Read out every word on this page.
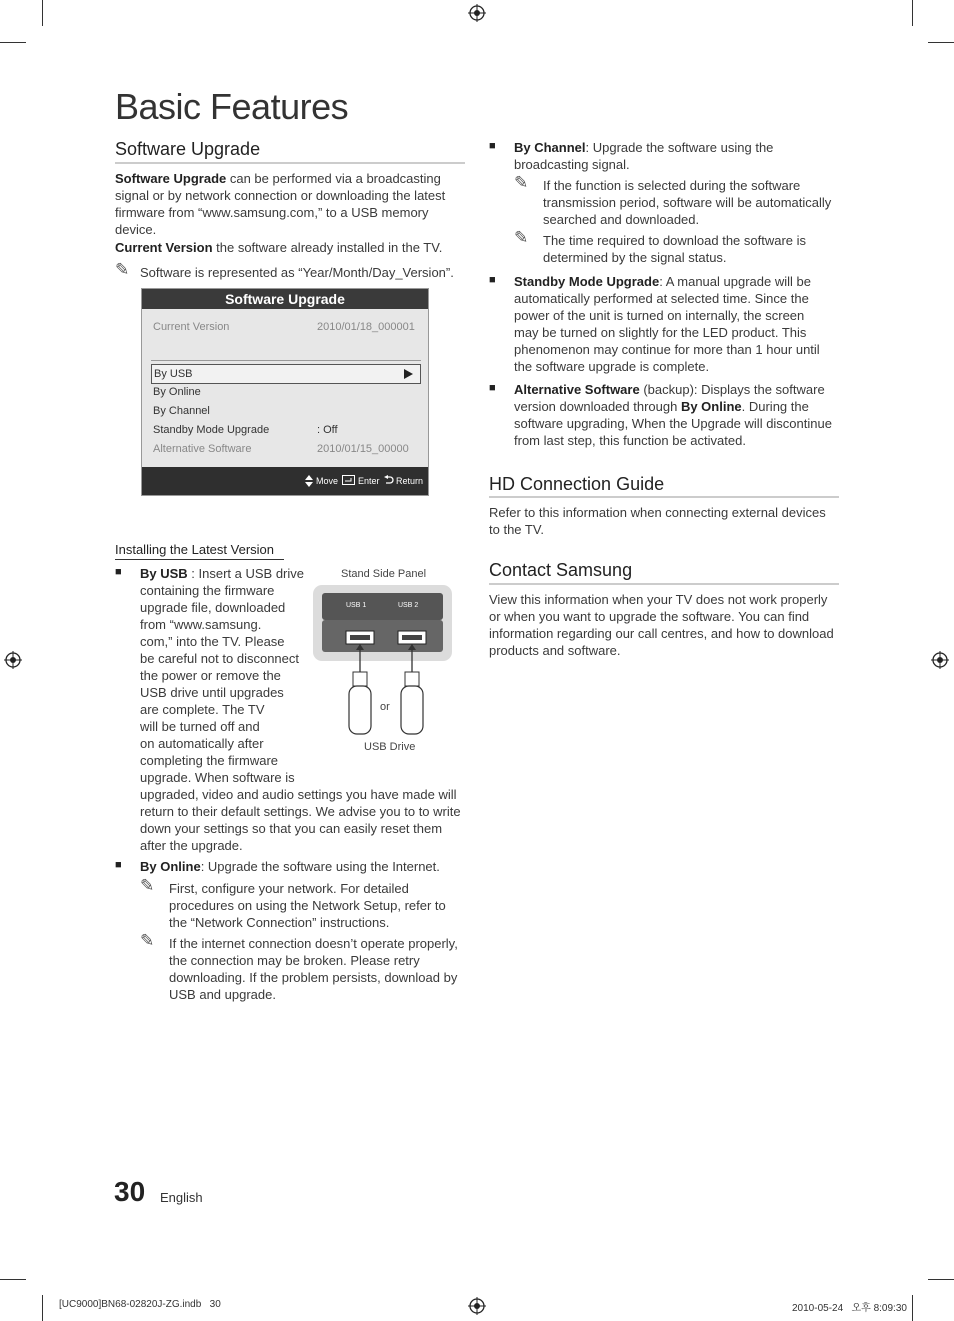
Basic Features
Software Upgrade
Software Upgrade can be performed via a broadcasting
signal or by network connection or downloading the latest
firmware from “www.samsung.com,” to a USB memory
device.
Current Version the software already installed in the TV.
✎ Software is represented as “Year/Month/Day_Version”.
Software Upgrade
Current Version	2010/01/18_000001
By USB
By Online
By Channel
Standby Mode Upgrade	: Off
Alternative Software	2010/01/15_00000
Move Enter Return
Installing the Latest Version
■ By USB : Insert a USB drive
containing the firmware
upgrade file, downloaded
from “www.samsung.
com,” into the TV. Please
be careful not to disconnect
the power or remove the
USB drive until upgrades
are complete. The TV
will be turned off and
on automatically after
completing the firmware
upgrade. When software is
upgraded, video and audio settings you have made will
return to their default settings. We advise you to to write
down your settings so that you can easily reset them
after the upgrade.
■ By Online: Upgrade the software using the Internet.
✎ First, configure your network. For detailed
procedures on using the Network Setup, refer to
the “Network Connection” instructions.
✎ If the internet connection doesn’t operate properly,
the connection may be broken. Please retry
downloading. If the problem persists, download by
USB and upgrade.
Stand Side Panel
USB 1	USB 2
or
USB Drive
■ By Channel: Upgrade the software using the
broadcasting signal.
✎ If the function is selected during the software
transmission period, software will be automatically
searched and downloaded.
✎ The time required to download the software is
determined by the signal status.
■ Standby Mode Upgrade: A manual upgrade will be
automatically performed at selected time. Since the
power of the unit is turned on internally, the screen
may be turned on slightly for the LED product. This
phenomenon may continue for more than 1 hour until
the software upgrade is complete.
■ Alternative Software (backup): Displays the software
version downloaded through By Online. During the
software upgrading, When the Upgrade will discontinue
from last step, this function be activated.
HD Connection Guide
Refer to this information when connecting external devices
to the TV.
Contact Samsung
View this information when your TV does not work properly
or when you want to upgrade the software. You can find
information regarding our call centres, and how to download
products and software.
30 English
[UC9000]BN68-02820J-ZG.indb   30	2010-05-24   오후 8:09:30
